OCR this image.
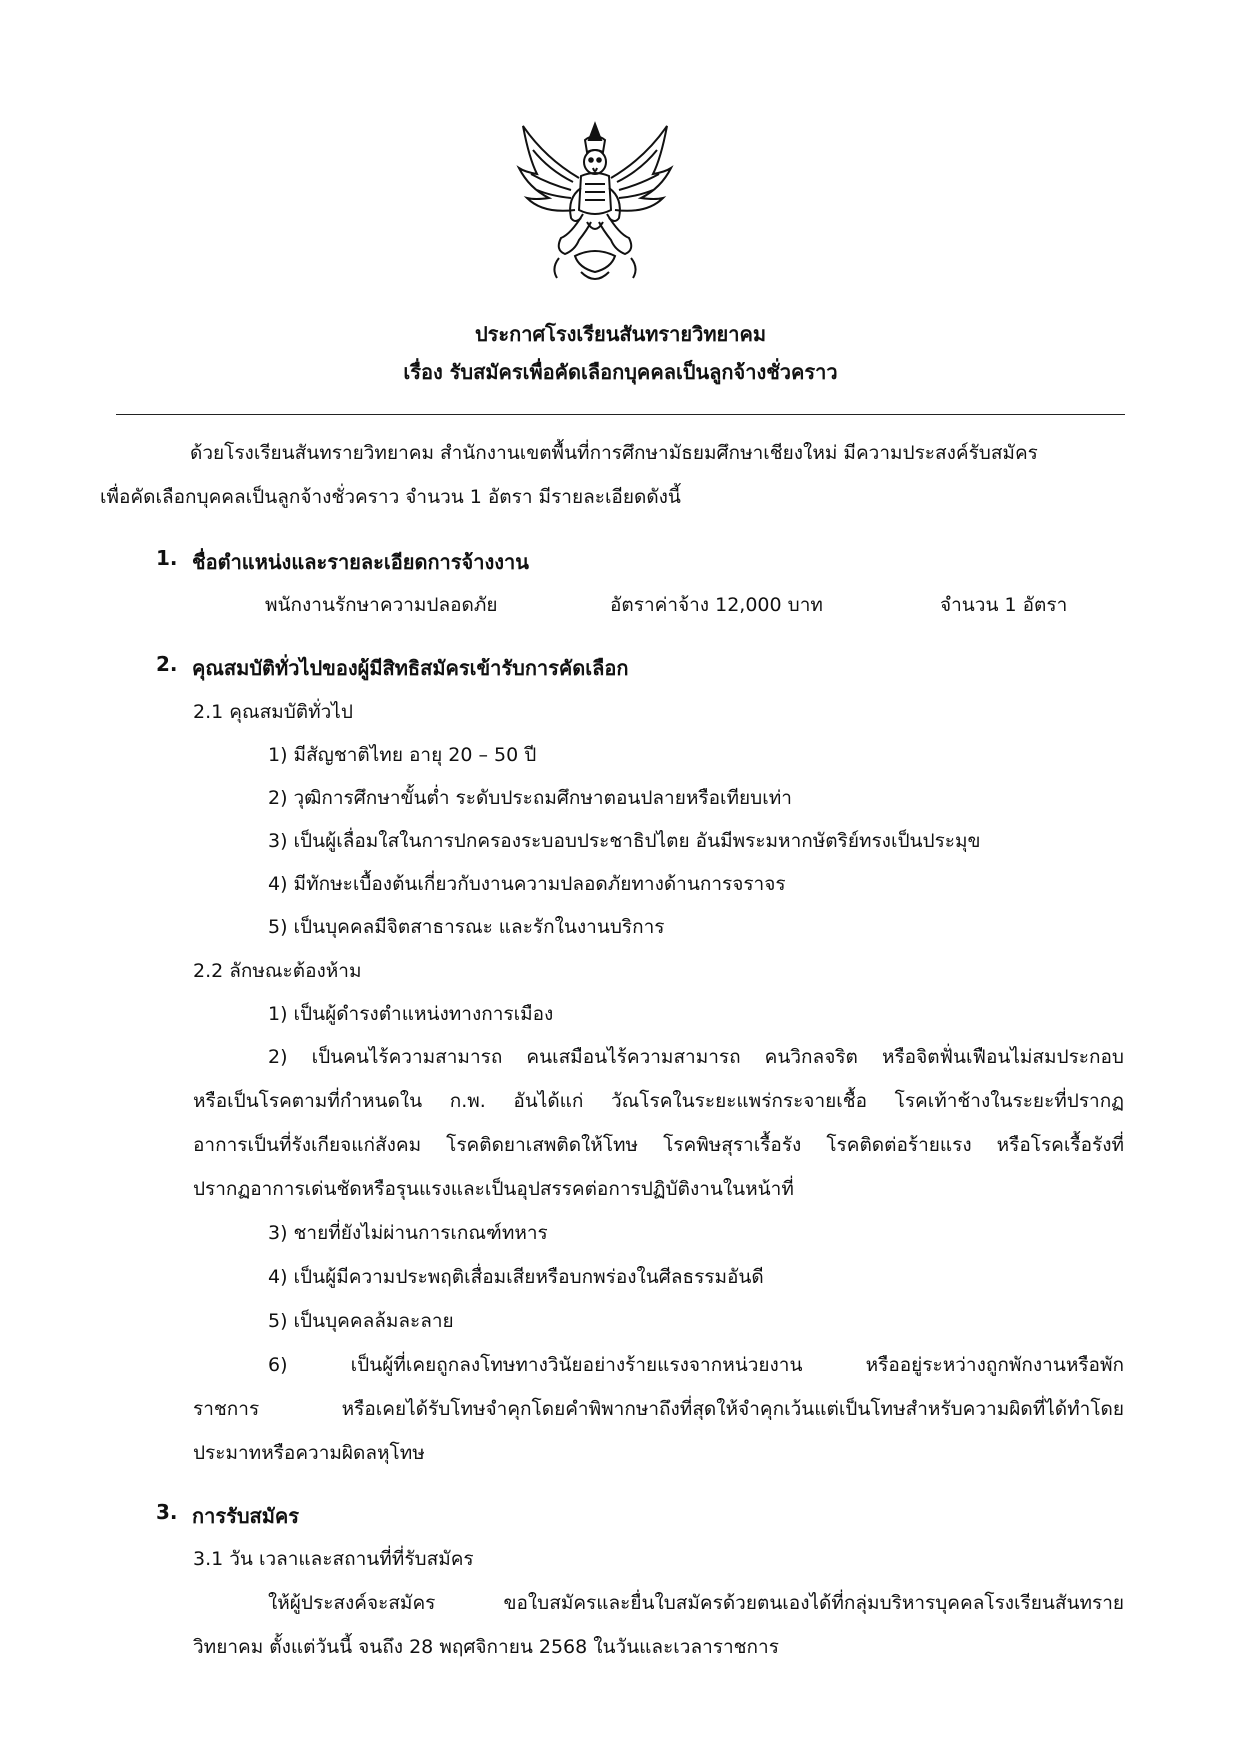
ประกาศโรงเรียนสันทรายวิทยาคม
เรื่อง รับสมัครเพื่อคัดเลือกบุคคลเป็นลูกจ้างชั่วคราว
ด้วยโรงเรียนสันทรายวิทยาคม สำนักงานเขตพื้นที่การศึกษามัธยมศึกษาเชียงใหม่ มีความประสงค์รับสมัคร
เพื่อคัดเลือกบุคคลเป็นลูกจ้างชั่วคราว จำนวน 1 อัตรา มีรายละเอียดดังนี้
1. ชื่อตำแหน่งและรายละเอียดการจ้างงาน
พนักงานรักษาความปลอดภัย	อัตราค่าจ้าง 12,000 บาท	จำนวน 1 อัตรา
2. คุณสมบัติทั่วไปของผู้มีสิทธิสมัครเข้ารับการคัดเลือก
2.1 คุณสมบัติทั่วไป
1) มีสัญชาติไทย อายุ 20 – 50 ปี
2) วุฒิการศึกษาขั้นต่ำ ระดับประถมศึกษาตอนปลายหรือเทียบเท่า
3) เป็นผู้เลื่อมใสในการปกครองระบอบประชาธิปไตย อันมีพระมหากษัตริย์ทรงเป็นประมุข
4) มีทักษะเบื้องต้นเกี่ยวกับงานความปลอดภัยทางด้านการจราจร
5) เป็นบุคคลมีจิตสาธารณะ และรักในงานบริการ
2.2 ลักษณะต้องห้าม
1) เป็นผู้ดำรงตำแหน่งทางการเมือง
2) เป็นคนไร้ความสามารถ คนเสมือนไร้ความสามารถ คนวิกลจริต หรือจิตฟั่นเฟือนไม่สมประกอบ
หรือเป็นโรคตามที่กำหนดใน ก.พ. อันได้แก่ วัณโรคในระยะแพร่กระจายเชื้อ โรคเท้าช้างในระยะที่ปรากฏ
อาการเป็นที่รังเกียจแก่สังคม โรคติดยาเสพติดให้โทษ โรคพิษสุราเรื้อรัง โรคติดต่อร้ายแรง หรือโรคเรื้อรังที่
ปรากฏอาการเด่นชัดหรือรุนแรงและเป็นอุปสรรคต่อการปฏิบัติงานในหน้าที่
3) ชายที่ยังไม่ผ่านการเกณฑ์ทหาร
4) เป็นผู้มีความประพฤติเสื่อมเสียหรือบกพร่องในศีลธรรมอันดี
5) เป็นบุคคลล้มละลาย
6) เป็นผู้ที่เคยถูกลงโทษทางวินัยอย่างร้ายแรงจากหน่วยงาน หรืออยู่ระหว่างถูกพักงานหรือพัก
ราชการ หรือเคยได้รับโทษจำคุกโดยคำพิพากษาถึงที่สุดให้จำคุกเว้นแต่เป็นโทษสำหรับความผิดที่ได้ทำโดย
ประมาทหรือความผิดลหุโทษ
3. การรับสมัคร
3.1 วัน เวลาและสถานที่ที่รับสมัคร
ให้ผู้ประสงค์จะสมัคร ขอใบสมัครและยื่นใบสมัครด้วยตนเองได้ที่กลุ่มบริหารบุคคลโรงเรียนสันทราย
วิทยาคม ตั้งแต่วันนี้ จนถึง 28 พฤศจิกายน 2568 ในวันและเวลาราชการ
